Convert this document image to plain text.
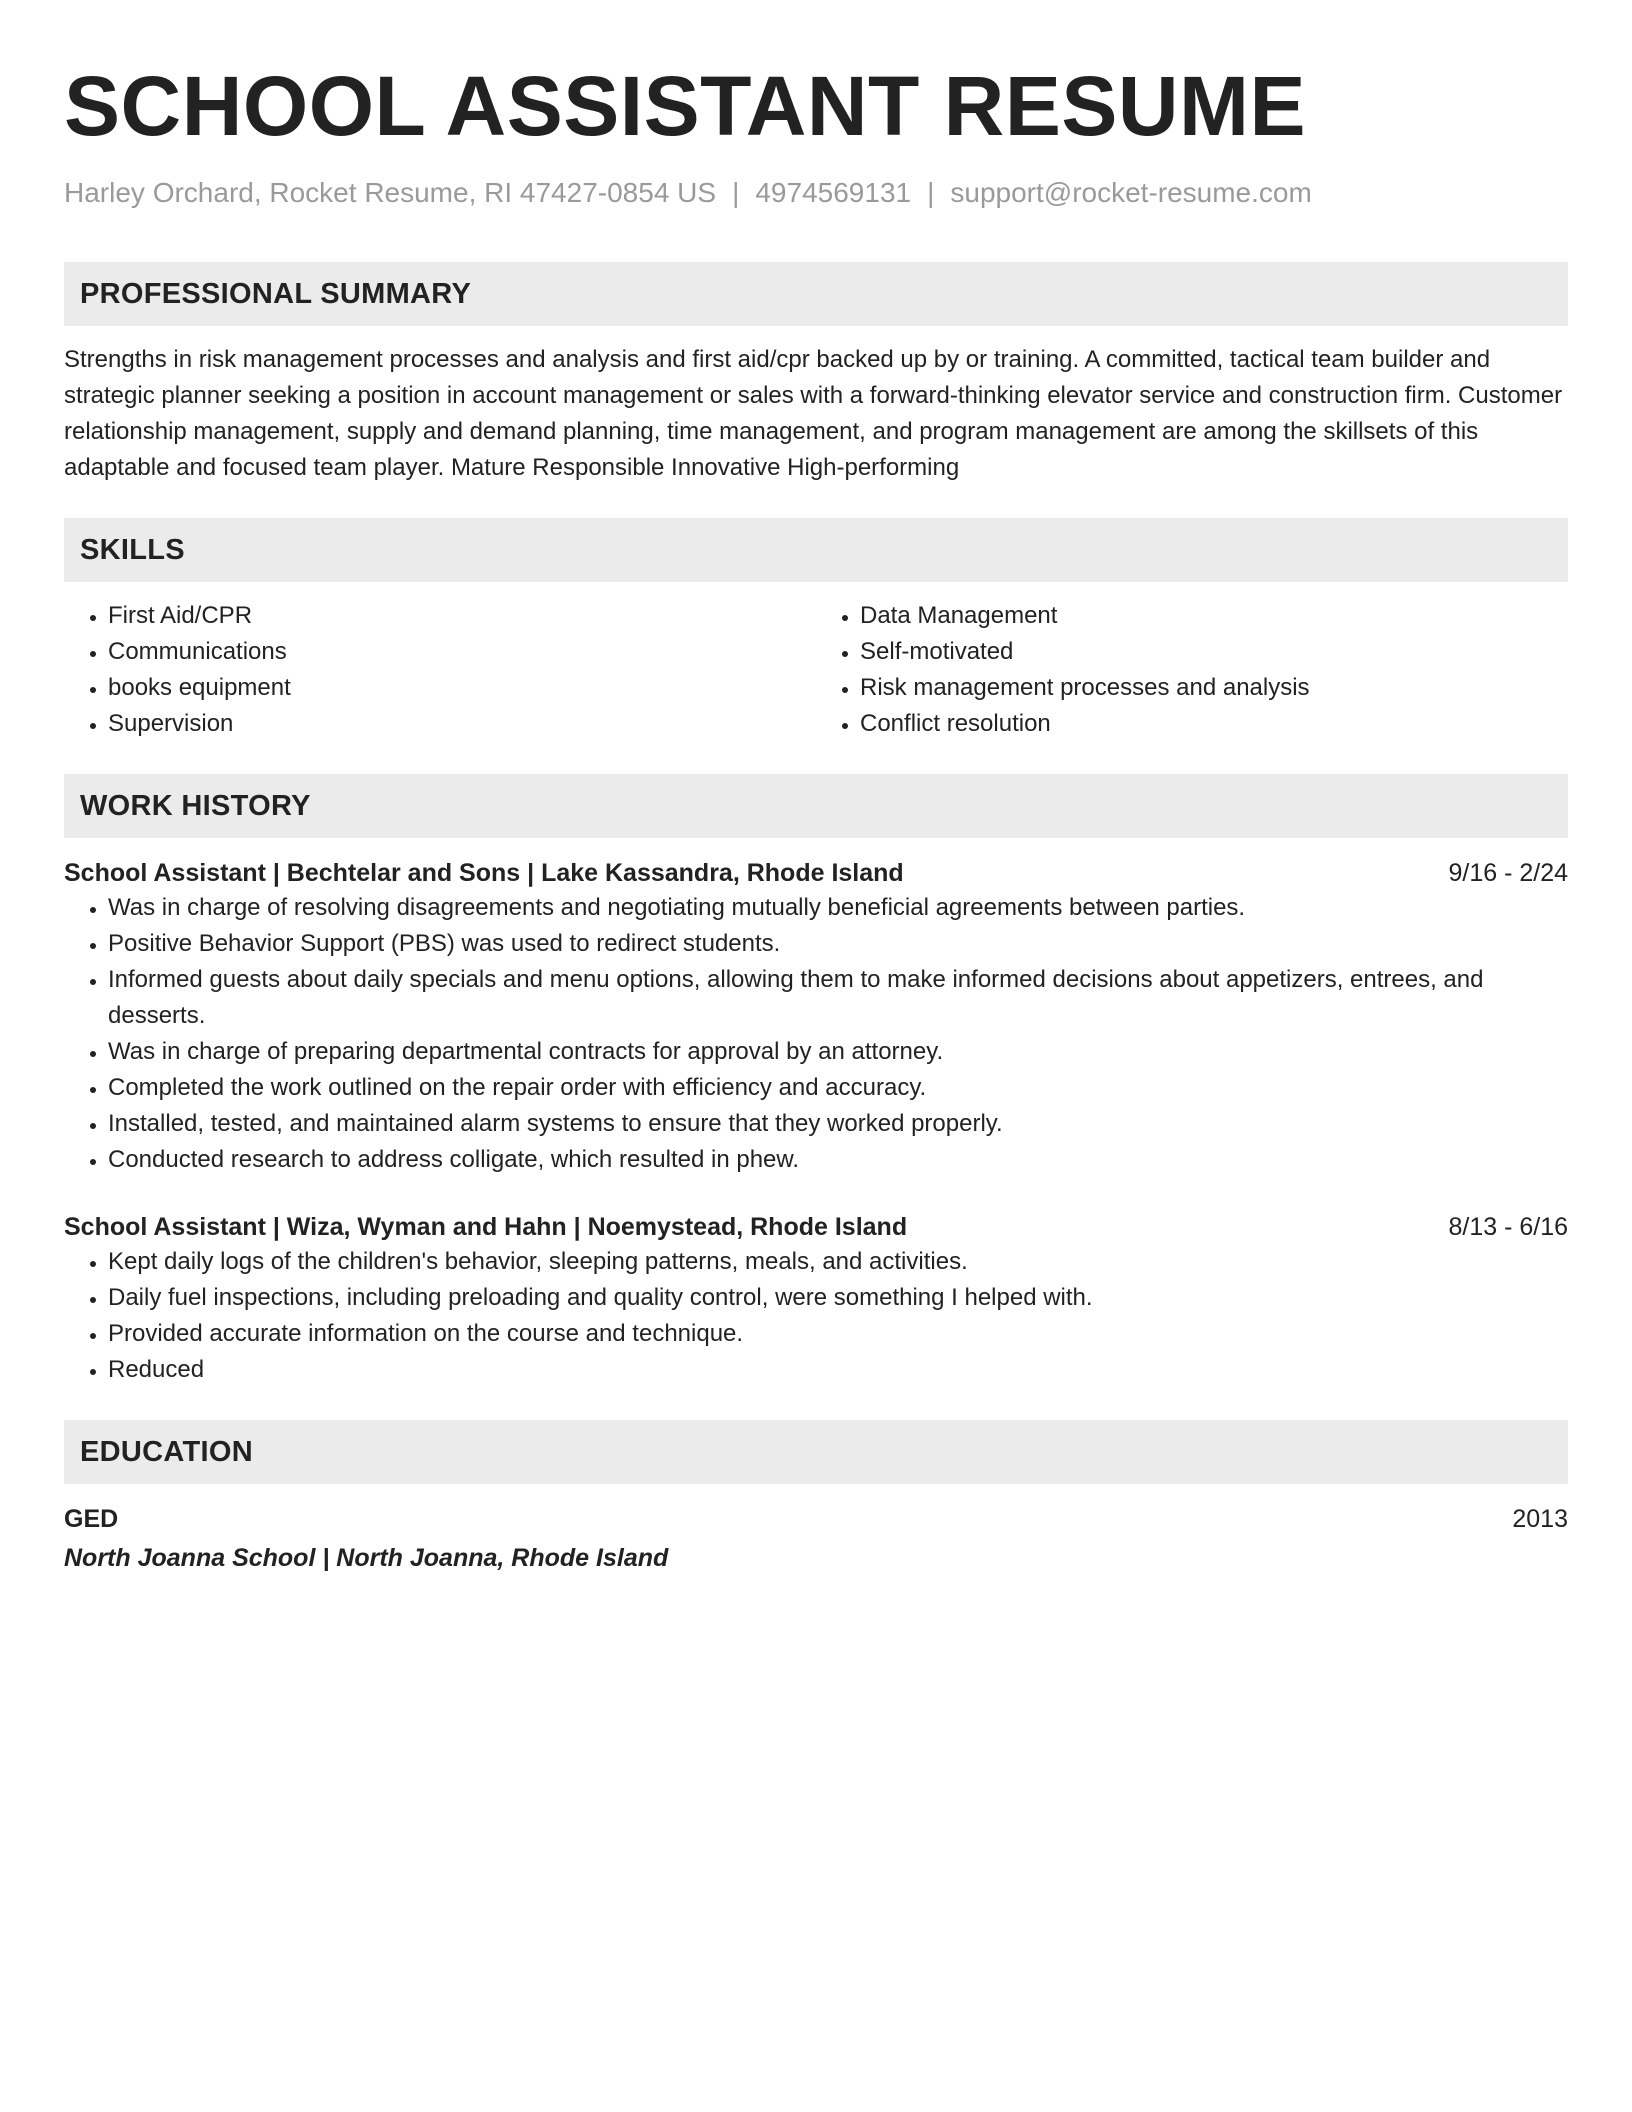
SCHOOL ASSISTANT RESUME
Harley Orchard, Rocket Resume, RI 47427-0854 US | 4974569131 | support@rocket-resume.com
PROFESSIONAL SUMMARY
Strengths in risk management processes and analysis and first aid/cpr backed up by or training. A committed, tactical team builder and strategic planner seeking a position in account management or sales with a forward-thinking elevator service and construction firm. Customer relationship management, supply and demand planning, time management, and program management are among the skillsets of this adaptable and focused team player. Mature Responsible Innovative High-performing
SKILLS
• First Aid/CPR
• Communications
• books equipment
• Supervision
• Data Management
• Self-motivated
• Risk management processes and analysis
• Conflict resolution
WORK HISTORY
School Assistant | Bechtelar and Sons | Lake Kassandra, Rhode Island	9/16 - 2/24
• Was in charge of resolving disagreements and negotiating mutually beneficial agreements between parties.
• Positive Behavior Support (PBS) was used to redirect students.
• Informed guests about daily specials and menu options, allowing them to make informed decisions about appetizers, entrees, and desserts.
• Was in charge of preparing departmental contracts for approval by an attorney.
• Completed the work outlined on the repair order with efficiency and accuracy.
• Installed, tested, and maintained alarm systems to ensure that they worked properly.
• Conducted research to address colligate, which resulted in phew.
School Assistant | Wiza, Wyman and Hahn | Noemystead, Rhode Island	8/13 - 6/16
• Kept daily logs of the children's behavior, sleeping patterns, meals, and activities.
• Daily fuel inspections, including preloading and quality control, were something I helped with.
• Provided accurate information on the course and technique.
• Reduced
EDUCATION
GED	2013
North Joanna School | North Joanna, Rhode Island
